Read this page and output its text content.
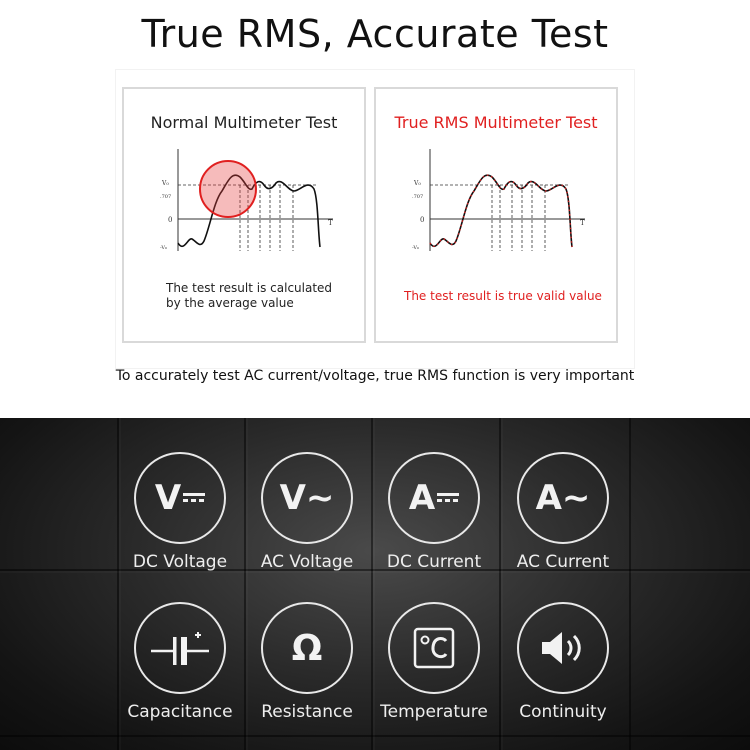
True RMS, Accurate Test
Normal Multimeter Test
T
V₀
.707
0
-V₀
The test result is calculated
by the average value
True RMS Multimeter Test
T
V₀
.707
0
-V₀
The test result is true valid value
To accurately test AC current/voltage, true RMS function is very important
V
DC Voltage
V~
AC Voltage
A
DC Current
A~
AC Current
Capacitance
Ω
Resistance	Temperature	Continuity
